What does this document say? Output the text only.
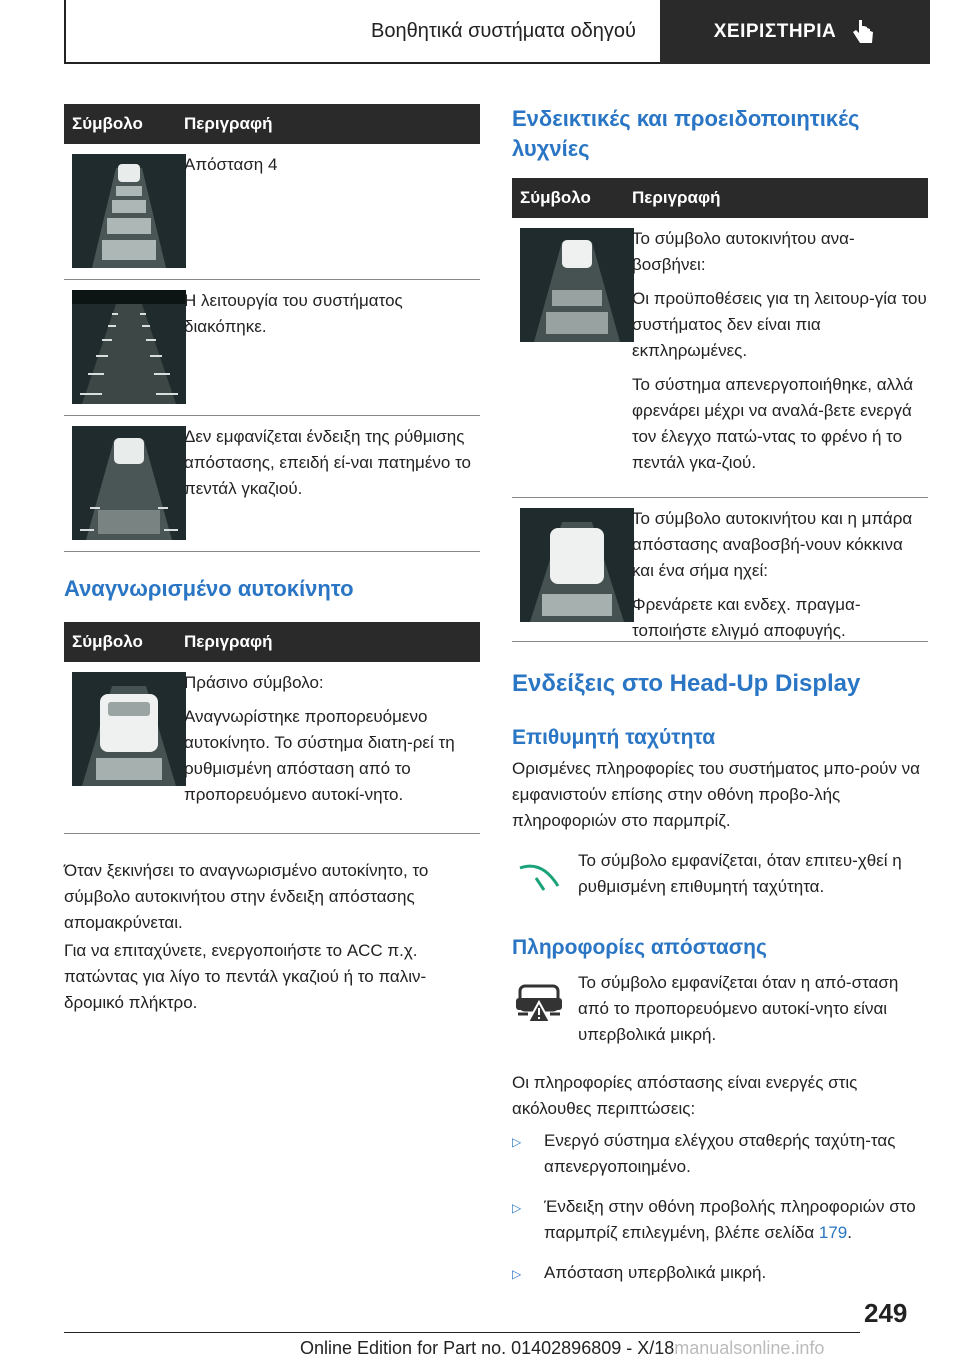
Βοηθητικά συστήματα οδηγού	ΧΕΙΡΙΣΤΗΡΙΑ
Σύμβολο	Περιγραφή

Απόσταση 4

Η λειτουργία του συστήματος διακόπηκε.

Δεν εμφανίζεται ένδειξη της ρύθμισης απόστασης, επειδή εί-ναι πατημένο το πεντάλ γκαζιού.

Αναγνωρισμένο αυτοκίνητο
Σύμβολο	Περιγραφή

Πράσινο σύμβολο:

Αναγνωρίστηκε προπορευόμενο αυτοκίνητο. Το σύστημα διατη-ρεί τη ρυθμισμένη απόσταση από το προπορευόμενο αυτοκί-νητο.

Όταν ξεκινήσει το αναγνωρισμένο αυτοκίνητο, το σύμβολο αυτοκινήτου στην ένδειξη απόστασης απομακρύνεται.

Για να επιταχύνετε, ενεργοποιήστε το ACC π.χ. πατώντας για λίγο το πεντάλ γκαζιού ή το παλιν-δρομικό πλήκτρο.

Ενδεικτικές και προειδοποιητικές λυχνίες
Σύμβολο	Περιγραφή

Το σύμβολο αυτοκινήτου ανα-βοσβήνει:

Οι προϋποθέσεις για τη λειτουρ-γία του συστήματος δεν είναι πια εκπληρωμένες.

Το σύστημα απενεργοποιήθηκε, αλλά φρενάρει μέχρι να αναλά-βετε ενεργά τον έλεγχο πατώ-ντας το φρένο ή το πεντάλ γκα-ζιού.

Το σύμβολο αυτοκινήτου και η μπάρα απόστασης αναβοσβή-νουν κόκκινα και ένα σήμα ηχεί:

Φρενάρετε και ενδεχ. πραγμα-τοποιήστε ελιγμό αποφυγής.

Ενδείξεις στο Head-Up Display
Επιθυμητή ταχύτητα

Ορισμένες πληροφορίες του συστήματος μπο-ρούν να εμφανιστούν επίσης στην οθόνη προβο-λής πληροφοριών στο παρμπρίζ.

Το σύμβολο εμφανίζεται, όταν επιτευ-χθεί η ρυθμισμένη επιθυμητή ταχύτητα.

Πληροφορίες απόστασης

Το σύμβολο εμφανίζεται όταν η από-σταση από το προπορευόμενο αυτοκί-νητο είναι υπερβολικά μικρή.

Οι πληροφορίες απόστασης είναι ενεργές στις ακόλουθες περιπτώσεις:

▷	Ενεργό σύστημα ελέγχου σταθερής ταχύτη-τας απενεργοποιημένο.
▷	Ένδειξη στην οθόνη προβολής πληροφοριών στο παρμπρίζ επιλεγμένη, βλέπε σελίδα 179.
▷	Απόσταση υπερβολικά μικρή.
249
Online Edition for Part no. 01402896809 - X/18manualsonline.info
